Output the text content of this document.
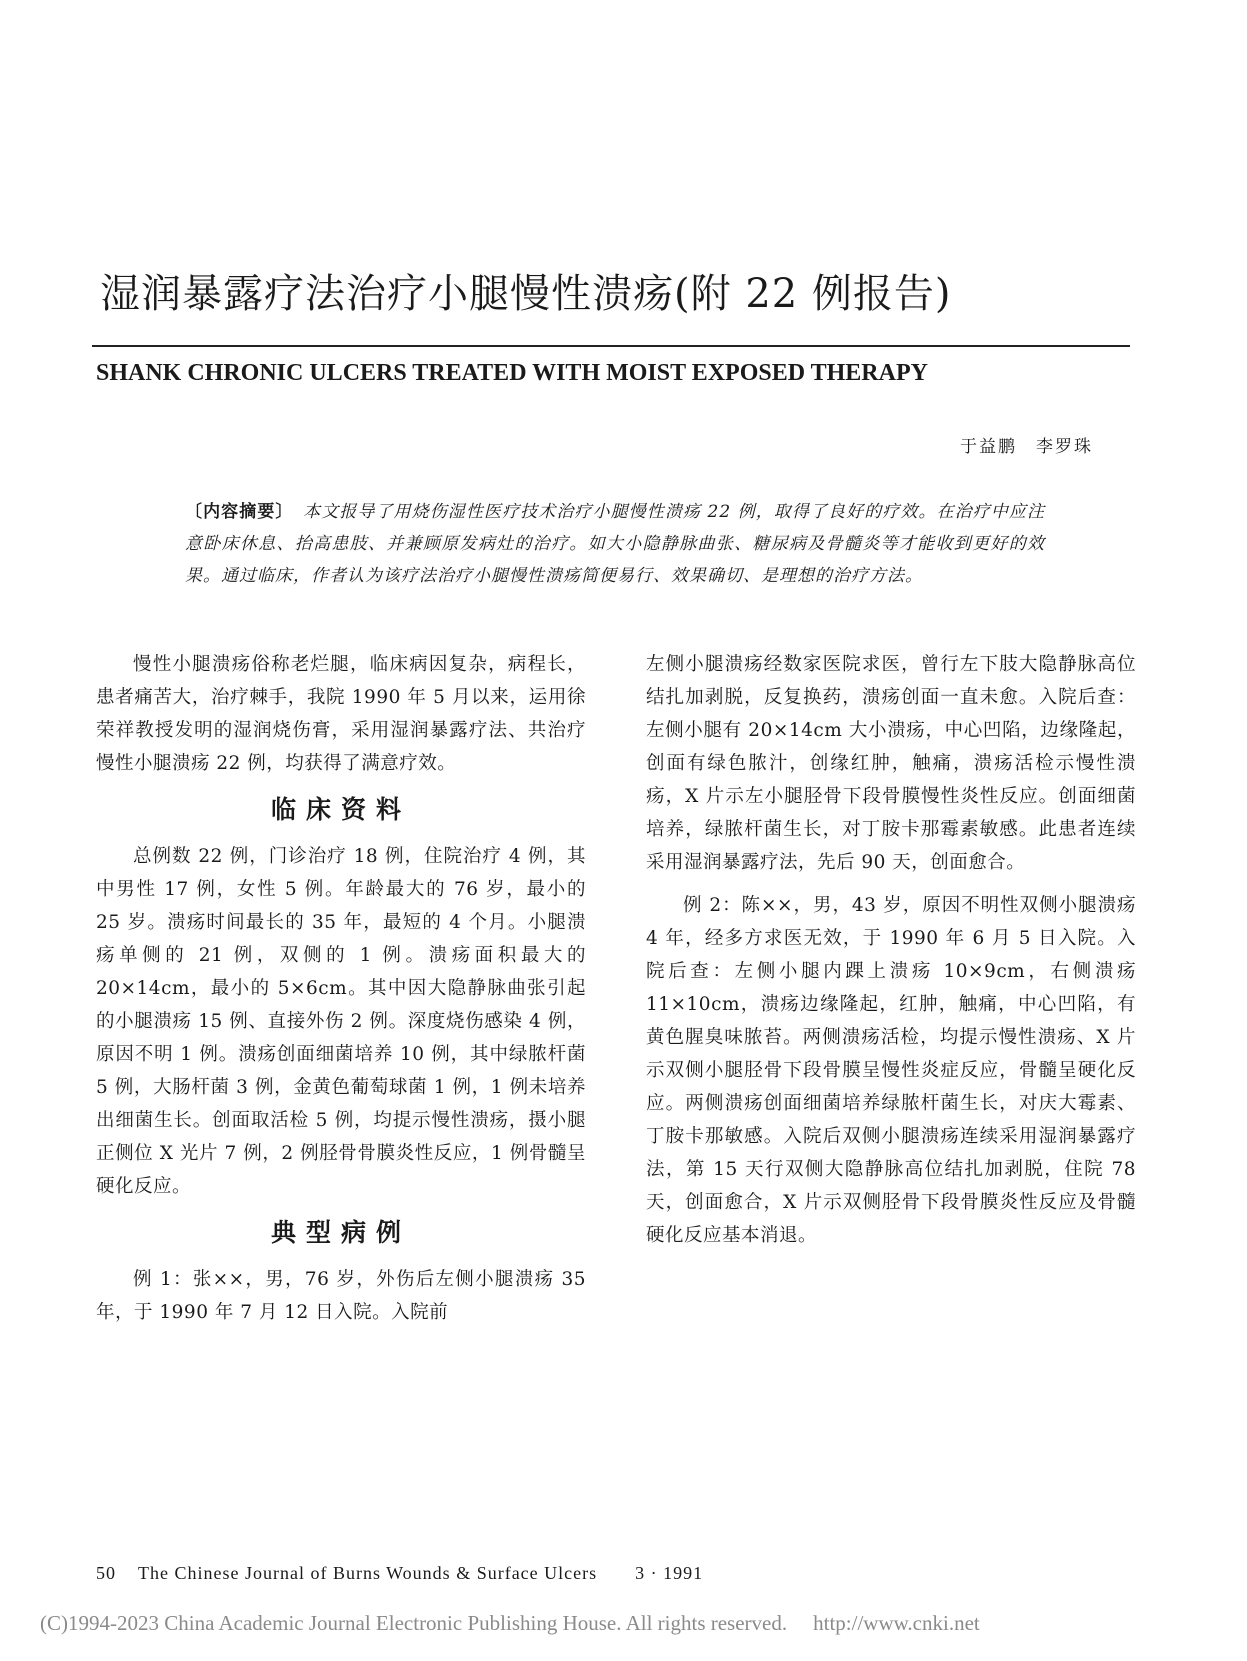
湿润暴露疗法治疗小腿慢性溃疡(附 22 例报告)
SHANK CHRONIC ULCERS TREATED WITH MOIST EXPOSED THERAPY
于益鹏　李罗珠
〔内容摘要〕　本文报导了用烧伤湿性医疗技术治疗小腿慢性溃疡 22 例，取得了良好的疗效。在治疗中应注意卧床休息、抬高患肢、并兼顾原发病灶的治疗。如大小隐静脉曲张、糖尿病及骨髓炎等才能收到更好的效果。通过临床，作者认为该疗法治疗小腿慢性溃疡简便易行、效果确切、是理想的治疗方法。

慢性小腿溃疡俗称老烂腿，临床病因复杂，病程长，患者痛苦大，治疗棘手，我院 1990 年 5 月以来，运用徐荣祥教授发明的湿润烧伤膏，采用湿润暴露疗法、共治疗慢性小腿溃疡 22 例，均获得了满意疗效。

临床资料

总例数 22 例，门诊治疗 18 例，住院治疗 4 例，其中男性 17 例，女性 5 例。年龄最大的 76 岁，最小的 25 岁。溃疡时间最长的 35 年，最短的 4 个月。小腿溃疡单侧的 21 例，双侧的 1 例。溃疡面积最大的 20×14cm，最小的 5×6cm。其中因大隐静脉曲张引起的小腿溃疡 15 例、直接外伤 2 例。深度烧伤感染 4 例，原因不明 1 例。溃疡创面细菌培养 10 例，其中绿脓杆菌 5 例，大肠杆菌 3 例，金黄色葡萄球菌 1 例，1 例未培养出细菌生长。创面取活检 5 例，均提示慢性溃疡，摄小腿正侧位 X 光片 7 例，2 例胫骨骨膜炎性反应，1 例骨髓呈硬化反应。

典型病例

例 1：张××，男，76 岁，外伤后左侧小腿溃疡 35 年，于 1990 年 7 月 12 日入院。入院前

左侧小腿溃疡经数家医院求医，曾行左下肢大隐静脉高位结扎加剥脱，反复换药，溃疡创面一直未愈。入院后查：左侧小腿有 20×14cm 大小溃疡，中心凹陷，边缘隆起，创面有绿色脓汁，创缘红肿，触痛，溃疡活检示慢性溃疡，X 片示左小腿胫骨下段骨膜慢性炎性反应。创面细菌培养，绿脓杆菌生长，对丁胺卡那霉素敏感。此患者连续采用湿润暴露疗法，先后 90 天，创面愈合。

例 2：陈××，男，43 岁，原因不明性双侧小腿溃疡 4 年，经多方求医无效，于 1990 年 6 月 5 日入院。入院后查：左侧小腿内踝上溃疡 10×9cm，右侧溃疡 11×10cm，溃疡边缘隆起，红肿，触痛，中心凹陷，有黄色腥臭味脓苔。两侧溃疡活检，均提示慢性溃疡、X 片示双侧小腿胫骨下段骨膜呈慢性炎症反应，骨髓呈硬化反应。两侧溃疡创面细菌培养绿脓杆菌生长，对庆大霉素、丁胺卡那敏感。入院后双侧小腿溃疡连续采用湿润暴露疗法，第 15 天行双侧大隐静脉高位结扎加剥脱，住院 78 天，创面愈合，X 片示双侧胫骨下段骨膜炎性反应及骨髓硬化反应基本消退。

50 The Chinese Journal of Burns Wounds & Surface Ulcers 3 · 1991
(C)1994-2023 China Academic Journal Electronic Publishing House. All rights reserved. http://www.cnki.net
